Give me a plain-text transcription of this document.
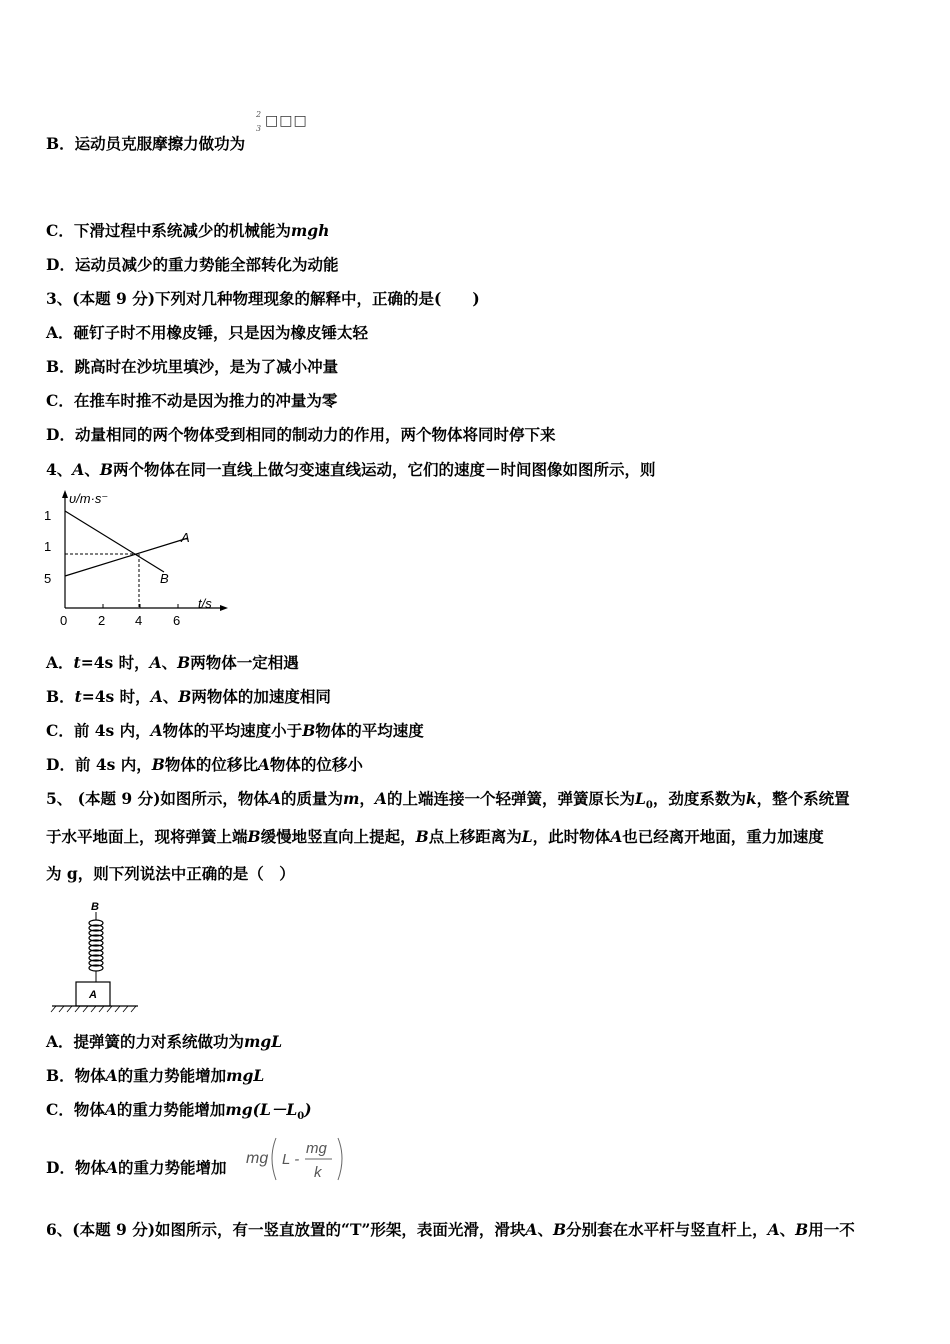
B．运动员克服摩擦力做功为
2
3 □□□
C．下滑过程中系统减少的机械能为mgh
D．运动员减少的重力势能全部转化为动能
3、(本题 9 分)下列对几种物理现象的解释中，正确的是(　　)
A．砸钉子时不用橡皮锤，只是因为橡皮锤太轻
B．跳高时在沙坑里填沙，是为了减小冲量
C．在推车时推不动是因为推力的冲量为零
D．动量相同的两个物体受到相同的制动力的作用，两个物体将同时停下来
4、A、B两个物体在同一直线上做匀变速直线运动，它们的速度－时间图像如图所示，则
υ/m·s⁻
1
1
5
0 2 4 6
t/s
A
B
A．t=4s 时，A、B两物体一定相遇
B．t=4s 时，A、B两物体的加速度相同
C．前 4s 内，A物体的平均速度小于B物体的平均速度
D．前 4s 内，B物体的位移比A物体的位移小
5、 (本题 9 分)如图所示，物体A的质量为m，A的上端连接一个轻弹簧，弹簧原长为$L_0$，劲度系数为k，整个系统置
于水平地面上，现将弹簧上端B缓慢地竖直向上提起，B点上移距离为L，此时物体A也已经离开地面，重力加速度
为 g，则下列说法中正确的是（　）
B
A
A．提弹簧的力对系统做功为mgL
B．物体A的重力势能增加mgL
C．物体A的重力势能增加$mg(L-L_0)$
D．物体A的重力势能增加 mg L -
mg
k
6、(本题 9 分)如图所示，有一竖直放置的“T”形架，表面光滑，滑块A、B分别套在水平杆与竖直杆上，A、B用一不
